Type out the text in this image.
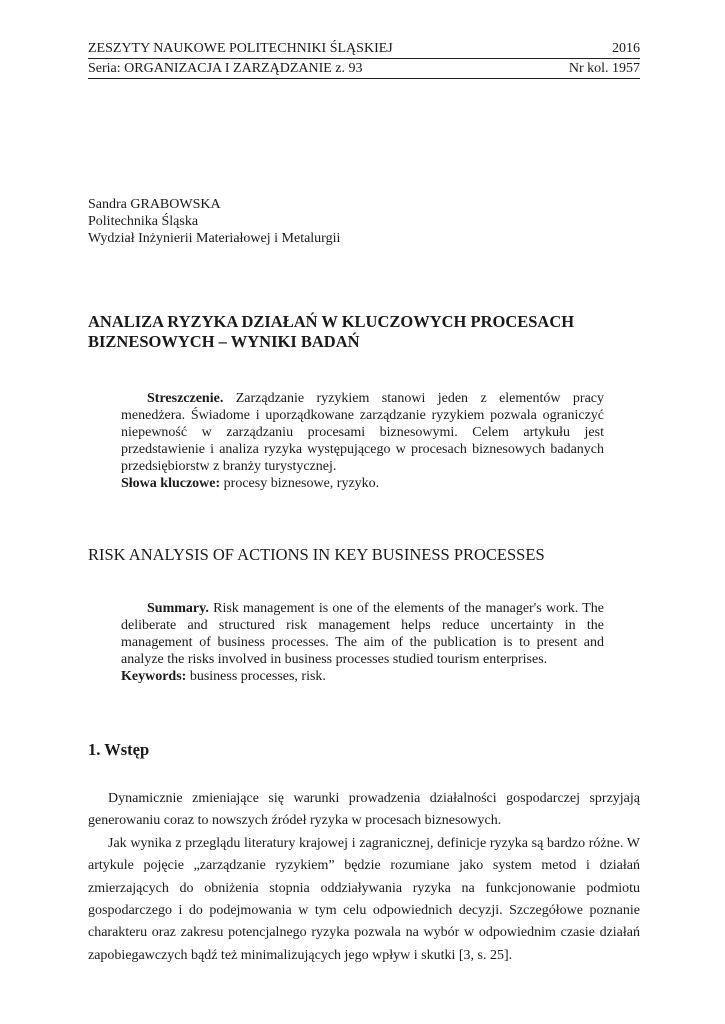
ZESZYTY NAUKOWE POLITECHNIKI ŚLĄSKIEJ	2016
Seria: ORGANIZACJA I ZARZĄDZANIE z. 93	Nr kol. 1957
Sandra GRABOWSKA
Politechnika Śląska
Wydział Inżynierii Materiałowej i Metalurgii
ANALIZA RYZYKA DZIAŁAŃ W KLUCZOWYCH PROCESACH BIZNESOWYCH – WYNIKI BADAŃ

Streszczenie. Zarządzanie ryzykiem stanowi jeden z elementów pracy menedżera. Świadome i uporządkowane zarządzanie ryzykiem pozwala ograniczyć niepewność w zarządzaniu procesami biznesowymi. Celem artykułu jest przedstawienie i analiza ryzyka występującego w procesach biznesowych badanych przedsiębiorstw z branży turystycznej.

Słowa kluczowe: procesy biznesowe, ryzyko.

RISK ANALYSIS OF ACTIONS IN KEY BUSINESS PROCESSES

Summary. Risk management is one of the elements of the manager's work. The deliberate and structured risk management helps reduce uncertainty in the management of business processes. The aim of the publication is to present and analyze the risks involved in business processes studied tourism enterprises.

Keywords: business processes, risk.

1. Wstęp

Dynamicznie zmieniające się warunki prowadzenia działalności gospodarczej sprzyjają generowaniu coraz to nowszych źródeł ryzyka w procesach biznesowych.

Jak wynika z przeglądu literatury krajowej i zagranicznej, definicje ryzyka są bardzo różne. W artykule pojęcie „zarządzanie ryzykiem” będzie rozumiane jako system metod i działań zmierzających do obniżenia stopnia oddziaływania ryzyka na funkcjonowanie podmiotu gospodarczego i do podejmowania w tym celu odpowiednich decyzji. Szczegółowe poznanie charakteru oraz zakresu potencjalnego ryzyka pozwala na wybór w odpowiednim czasie działań zapobiegawczych bądź też minimalizujących jego wpływ i skutki [3, s. 25].
